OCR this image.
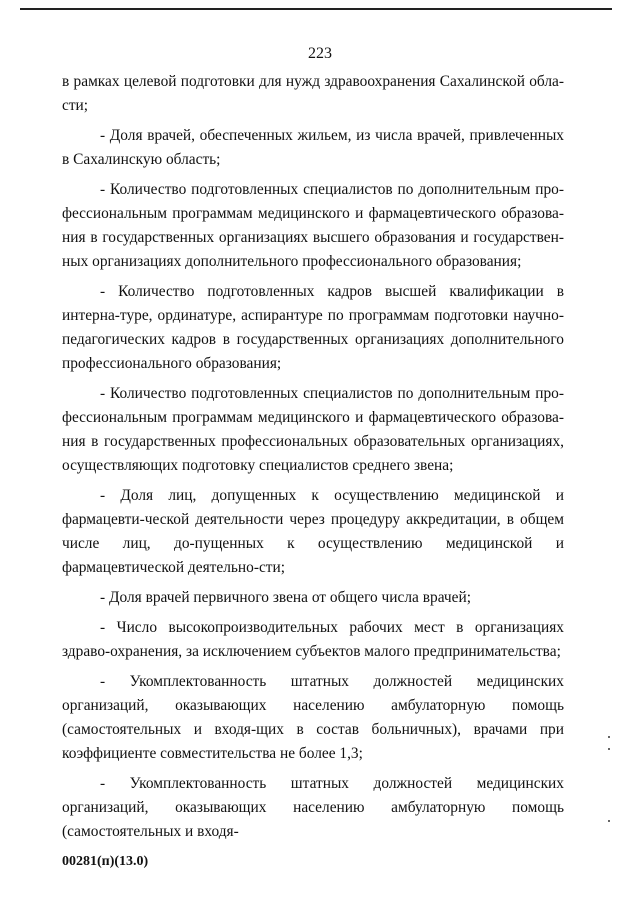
223

в рамках целевой подготовки для нужд здравоохранения Сахалинской обла-сти;

- Доля врачей, обеспеченных жильем, из числа врачей, привлеченных в Сахалинскую область;

- Количество подготовленных специалистов по дополнительным про-фессиональным программам медицинского и фармацевтического образова-ния в государственных организациях высшего образования и государствен-ных организациях дополнительного профессионального образования;

- Количество подготовленных кадров высшей квалификации в интерна-туре, ординатуре, аспирантуре по программам подготовки научно-педагогических кадров в государственных организациях дополнительного профессионального образования;

- Количество подготовленных специалистов по дополнительным про-фессиональным программам медицинского и фармацевтического образова-ния в государственных профессиональных образовательных организациях, осуществляющих подготовку специалистов среднего звена;

- Доля лиц, допущенных к осуществлению медицинской и фармацевти-ческой деятельности через процедуру аккредитации, в общем числе лиц, до-пущенных к осуществлению медицинской и фармацевтической деятельно-сти;

- Доля врачей первичного звена от общего числа врачей;

- Число высокопроизводительных рабочих мест в организациях здраво-охранения, за исключением субъектов малого предпринимательства;

- Укомплектованность штатных должностей медицинских организаций, оказывающих населению амбулаторную помощь (самостоятельных и входя-щих в состав больничных), врачами при коэффициенте совместительства не более 1,3;

- Укомплектованность штатных должностей медицинских организаций, оказывающих населению амбулаторную помощь (самостоятельных и входя-

00281(п)(13.0)
